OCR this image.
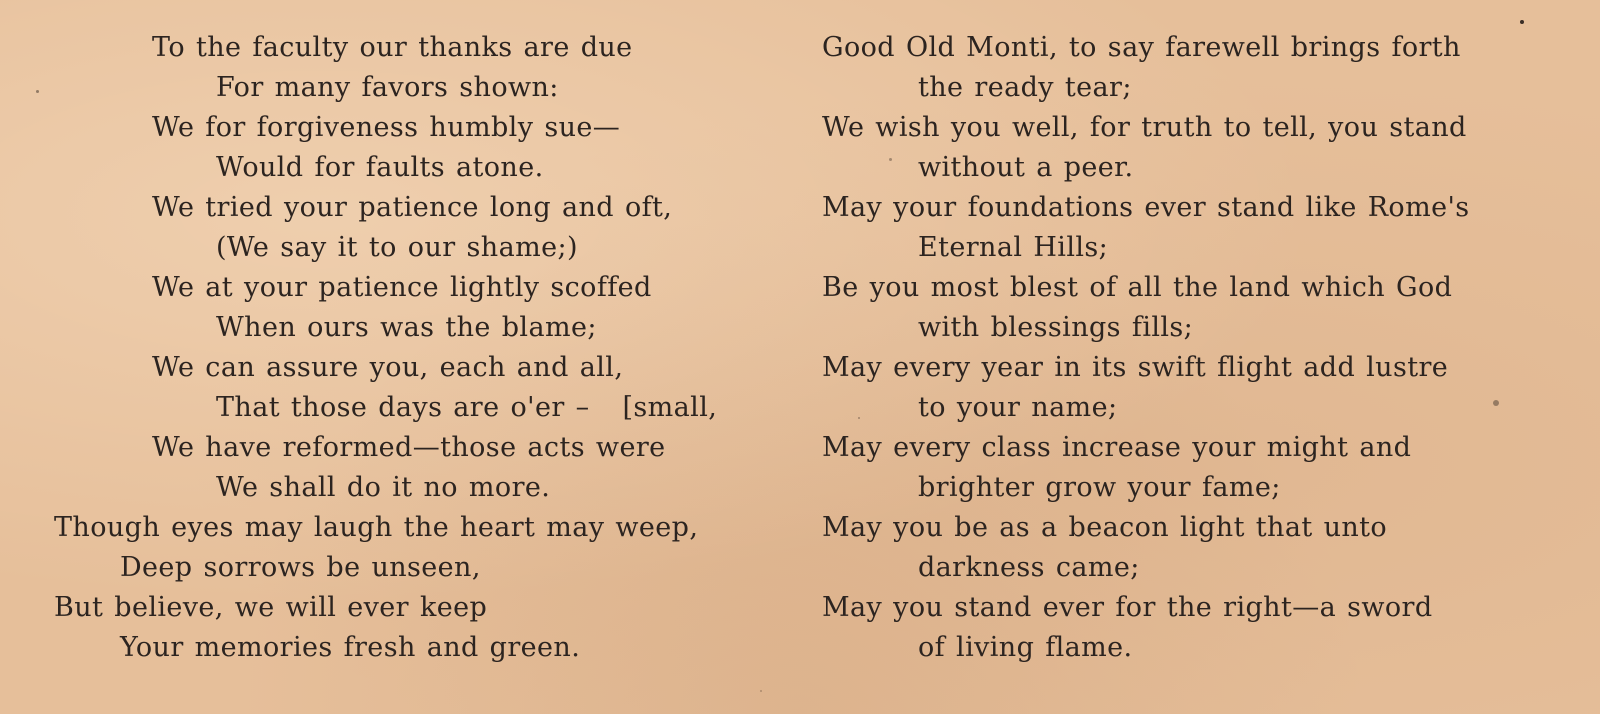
To the faculty our thanks are due
For many favors shown:
We for forgiveness humbly sue—
Would for faults atone.
We tried your patience long and oft,
(We say it to our shame;)
We at your patience lightly scoffed
When ours was the blame;
We can assure you, each and all,
That those days are o'er –   [small,
We have reformed—those acts were
We shall do it no more.
Though eyes may laugh the heart may weep,
Deep sorrows be unseen,
But believe, we will ever keep
Your memories fresh and green.
Good Old Monti, to say farewell brings forth
the ready tear;
We wish you well, for truth to tell, you stand
without a peer.
May your foundations ever stand like Rome's
Eternal Hills;
Be you most blest of all the land which God
with blessings fills;
May every year in its swift flight add lustre
to your name;
May every class increase your might and
brighter grow your fame;
May you be as a beacon light that unto
darkness came;
May you stand ever for the right—a sword
of living flame.
